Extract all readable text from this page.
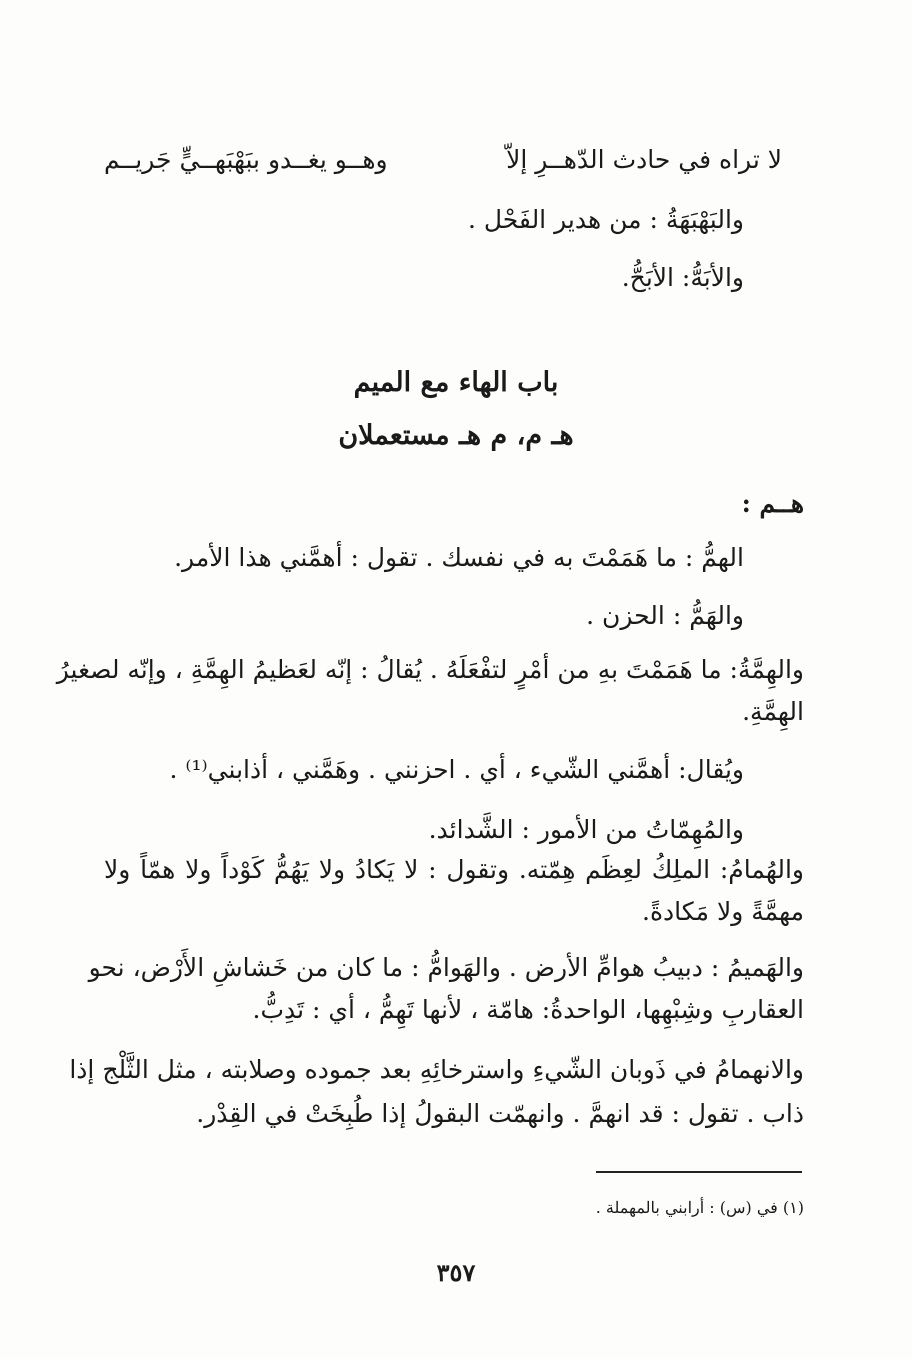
لا تراه في حادث الدّهــرِ إلاّ
وهــو يغــدو ببَهْبَهــيٍّ جَريــم
والبَهْبَهَةُ : من هدير الفَحْل .
والأبَهُّ: الأبَحُّ.
باب الهاء مع الميم
هـ م، م هـ مستعملان
هــم :
الهمُّ : ما هَمَمْتَ به في نفسك . تقول : أهمَّني هذا الأمر.
والهَمُّ : الحزن .
والهِمَّةُ: ما هَمَمْتَ بهِ من أمْرٍ لتفْعَلَهُ . يُقالُ : إنّه لعَظيمُ الهِمَّةِ ، وإنّه لصغيرُ
الهِمَّةِ.
ويُقال: أهمَّني الشّيء ، أي . احزنني . وهَمَّني ، أذابني⁽¹⁾ .
والمُهِمّاتُ من الأمور : الشَّدائد.
والهُمامُ: الملِكُ لعِظَم هِمّته. وتقول : لا يَكادُ ولا يَهُمُّ كَوْداً ولا همّاً ولا
مهمَّةً ولا مَكادةً.
والهَميمُ : دبيبُ هوامِّ الأرض . والهَوامُّ : ما كان من خَشاشِ الأَرْض، نحو
العقاربِ وشِبْهِها، الواحدةُ: هامّة ، لأنها تَهِمُّ ، أي : تَدِبُّ.
والانهمامُ في ذَوبان الشّيءِ واسترخائِهِ بعد جموده وصلابته ، مثل الثَّلْج إذا
ذاب . تقول : قد انهمَّ . وانهمّت البقولُ إذا طُبِخَتْ في القِدْر.
(١) في (س) : أرابني بالمهملة .
٣٥٧
